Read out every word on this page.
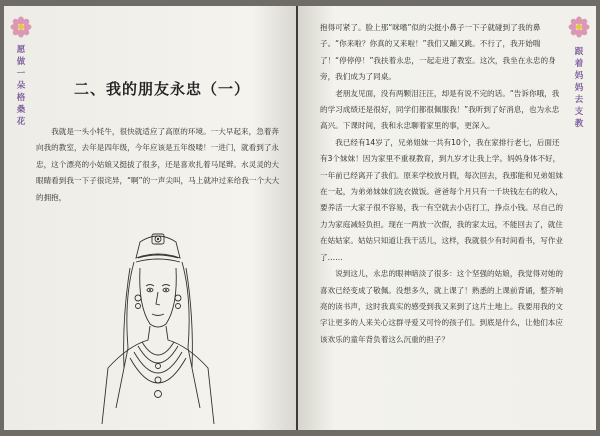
愿做一朵格桑花
二、我的朋友永忠（一）

我就是一头小牦牛，很快就适应了高原的环境。一大早起来，急着奔向我的教室，去年是四年级，今年应该是五年级喽！一进门，就看到了永忠，这个漂亮的小姑娘又挺拔了很多，还是喜欢扎着马尾辫。水灵灵的大眼睛看到我一下子很诧异，“啊”的一声尖叫，马上就冲过来给我一个大大的拥抱，

跟着妈妈去支教

抱得可紧了。脸上那“咪嗜”似的尖挺小鼻子一下子就碰到了我的鼻子。“你来啦？你真的又来啦！”我们又蹦又跳。不行了，我开始喘了！“停停停！”我扶着永忠，一起走进了教室。这次，我坐在永忠的身旁，我们成为了同桌。

老朋友见面，没有两颗泪汪汪，却是有说不完的话。“告诉你哦，我的学习成绩还是很好，同学们都很佩服我！”我听到了好消息，也为永忠高兴。下课时间，我和永忠聊着家里的事，更深入。

我已经有14岁了，兄弟姐妹一共有10个，我在家排行老七，后面还有3个妹妹！因为家里不重视教育，到九岁才让我上学。妈妈身体不好，一年前已经离开了我们。原来学校放月假，每次回去，我那能和兄弟姐妹在一起，为弟弟妹妹们洗衣做饭。爸爸每个月只有一千块钱左右的收入，要养活一大家子很不容易，我一有空就去小店打工，挣点小钱。尽自己的力为家庭减轻负担。现在一两放一次假，我的家太远，不能回去了，就住在姑姑家。姑姑只知道让我干活儿，这样，我就很少有时间看书，写作业了……

说到这儿，永忠的眼神暗淡了很多：这个坚强的姑娘，我觉得对她的喜欢已经变成了敬佩。没想多久，就上课了！熟悉的上课前背诵，整齐响亮的读书声，这时我真实的感受到我又来到了这片土地上。我要用我的文字让更多的人来关心这群寻爱又可怜的孩子们。到底是什么，让他们本应该欢乐的童年背负着这么沉重的担子？
